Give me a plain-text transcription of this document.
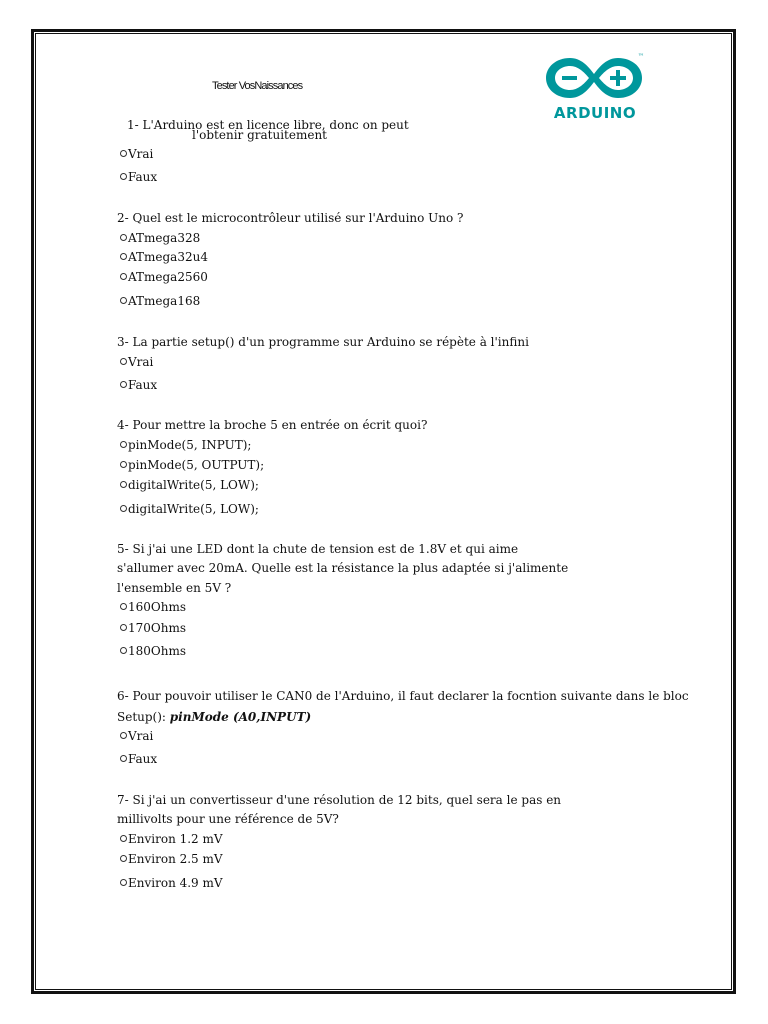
Tester VosNaissances
ARDUINO
™
1- L'Arduino est en licence libre, donc on peut
l'obtenir gratuitement
Vrai
Faux
2- Quel est le microcontrôleur utilisé sur l'Arduino Uno ?
ATmega328
ATmega32u4
ATmega2560
ATmega168
3- La partie setup() d'un programme sur Arduino se répète à l'infini
Vrai
Faux
4- Pour mettre la broche 5 en entrée on écrit quoi?
pinMode(5, INPUT);
pinMode(5, OUTPUT);
digitalWrite(5, LOW);
digitalWrite(5, LOW);
5- Si j'ai une LED dont la chute de tension est de 1.8V et qui aime
s'allumer avec 20mA. Quelle est la résistance la plus adaptée si j'alimente
l'ensemble en 5V ?
160Ohms
170Ohms
180Ohms
6- Pour pouvoir utiliser le CAN0 de l'Arduino, il faut declarer la focntion suivante dans le bloc
Setup(): pinMode (A0,INPUT)
Vrai
Faux
7- Si j'ai un convertisseur d'une résolution de 12 bits, quel sera le pas en
millivolts pour une référence de 5V?
Environ 1.2 mV
Environ 2.5 mV
Environ 4.9 mV
